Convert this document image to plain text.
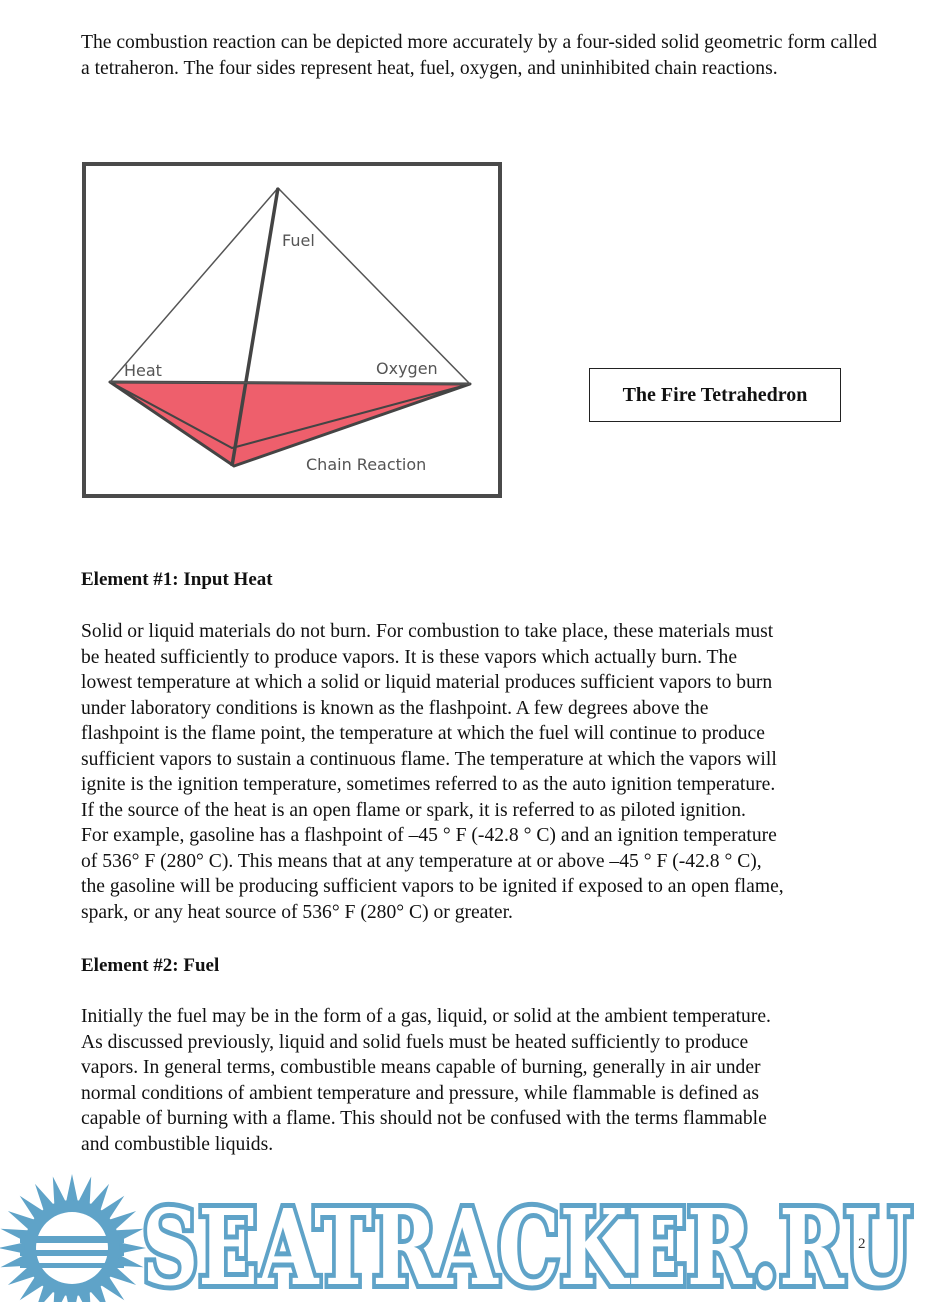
The combustion reaction can be depicted more accurately by a four-sided solid geometric form called a tetraheron. The four sides represent heat, fuel, oxygen, and uninhibited chain reactions.

Fuel
Heat	Oxygen
Chain Reaction
The Fire Tetrahedron
Element #1: Input Heat
Solid or liquid materials do not burn. For combustion to take place, these materials must
be heated sufficiently to produce vapors. It is these vapors which actually burn. The
lowest temperature at which a solid or liquid material produces sufficient vapors to burn
under laboratory conditions is known as the flashpoint. A few degrees above the
flashpoint is the flame point, the temperature at which the fuel will continue to produce
sufficient vapors to sustain a continuous flame. The temperature at which the vapors will
ignite is the ignition temperature, sometimes referred to as the auto ignition temperature.
If the source of the heat is an open flame or spark, it is referred to as piloted ignition.
For example, gasoline has a flashpoint of –45 ° F (-42.8 ° C) and an ignition temperature
of 536° F (280° C). This means that at any temperature at or above –45 ° F (-42.8 ° C),
the gasoline will be producing sufficient vapors to be ignited if exposed to an open flame,
spark, or any heat source of 536° F (280° C) or greater.
Element #2: Fuel
Initially the fuel may be in the form of a gas, liquid, or solid at the ambient temperature.
As discussed previously, liquid and solid fuels must be heated sufficiently to produce
vapors. In general terms, combustible means capable of burning, generally in air under
normal conditions of ambient temperature and pressure, while flammable is defined as
capable of burning with a flame. This should not be confused with the terms flammable
and combustible liquids.
SEATRACKER.RU
2
